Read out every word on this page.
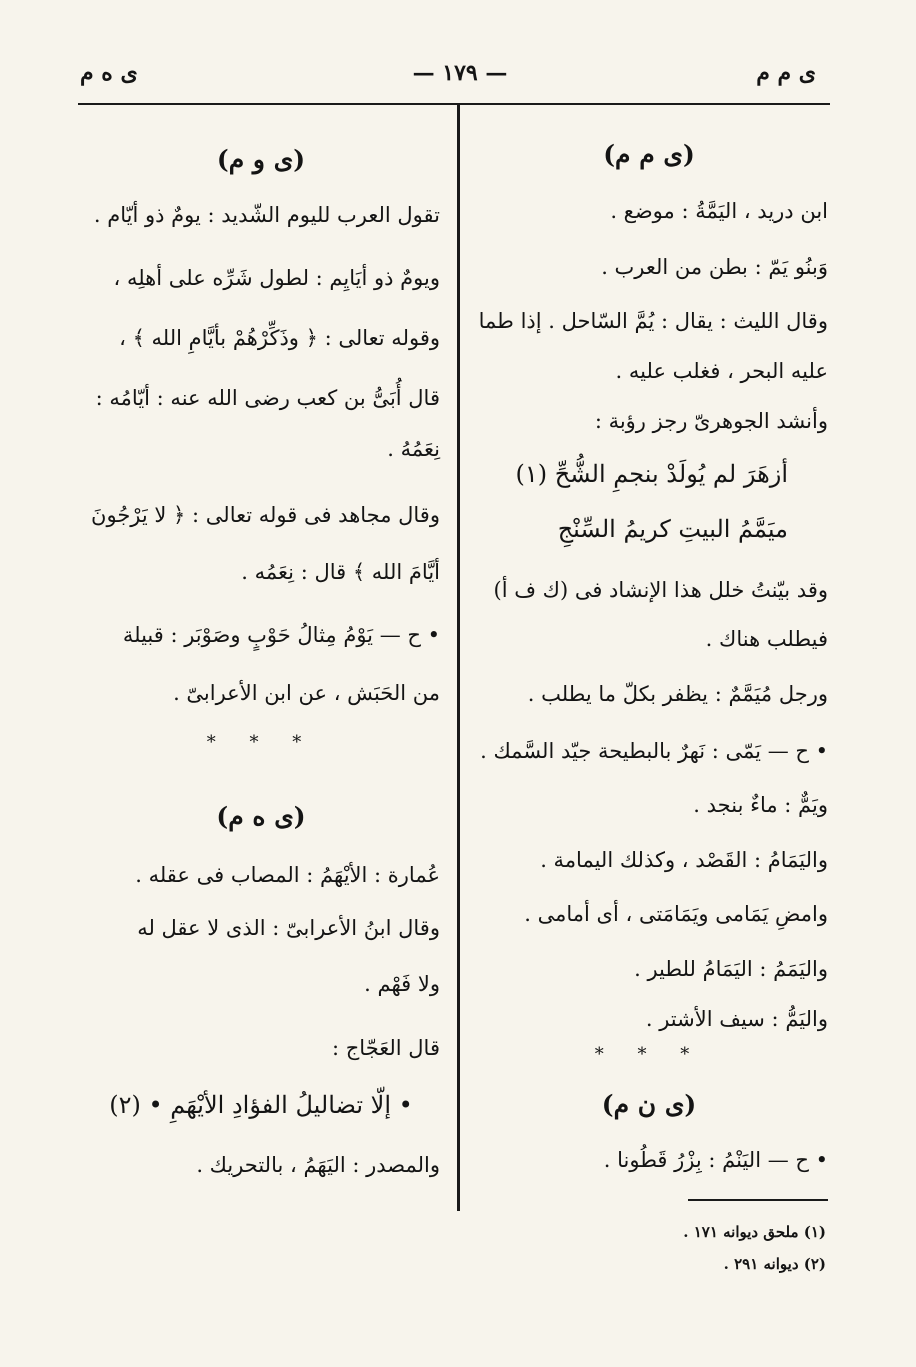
ى م م
— ١٧٩ —
ى ه م
(ى م م)
ابن دريد ، اليَمَّةُ : موضع .
وَبنُو يَمّ : بطن من العرب .
وقال الليث : يقال : يُمَّ السّاحل . إذا طما
عليه البحر ، فغلب عليه .
وأنشد الجوهرىّ رجز رؤبة :
أزهَرَ لم يُولَدْ بنجمِ الشُّحِّ (١)
ميَمَّمُ البيتِ كريمُ السِّنْجِ
وقد بيّنتُ خلل هذا الإنشاد فى (ك ف أ)
فيطلب هناك .
ورجل مُيَمَّمٌ : يظفر بكلّ ما يطلب .
• ح — يَمّى : نَهرٌ بالبطيحة جيّد السَّمك .
ويَمٌّ : ماءٌ بنجد .
واليَمَامُ : القَصْد ، وكذلك اليمامة .
وامضِ يَمَامى ويَمَامَتى ، أى أمامى .
واليَمَمُ : اليَمَامُ للطير .
واليَمُّ : سيف الأشتر .
* * *
(ى ن م)
• ح — اليَنْمُ : بِزْرُ قَطُونا .
(ى و م)
تقول العرب لليوم الشّديد : يومٌ ذو أيّام .
ويومٌ ذو أيَايِم : لطول شَرِّه على أهلِه ،
وقوله تعالى : ﴿ وذَكِّرْهُمْ بأيَّامِ الله ﴾ ،
قال أُبَىُّ بن كعب رضى الله عنه : أيّامُه :
نِعَمُهُ .
وقال مجاهد فى قوله تعالى : ﴿ لا يَرْجُونَ
أيَّامَ الله ﴾ قال : نِعَمُه .
• ح — يَوْمُ مِثالُ حَوْبٍ وصَوْبَر : قبيلة
من الحَبَش ، عن ابن الأعرابىّ .
* * *
(ى ه م)
عُمارة : الأيْهَمُ : المصاب فى عقله .
وقال ابنُ الأعرابىّ : الذى لا عقل له
ولا فَهْم .
قال العَجّاج :
• إلّا تضاليلُ الفؤادِ الأيْهَمِ • (٢)
والمصدر : اليَهَمُ ، بالتحريك .
(١) ملحق ديوانه ١٧١ .
(٢) ديوانه ٢٩١ .
